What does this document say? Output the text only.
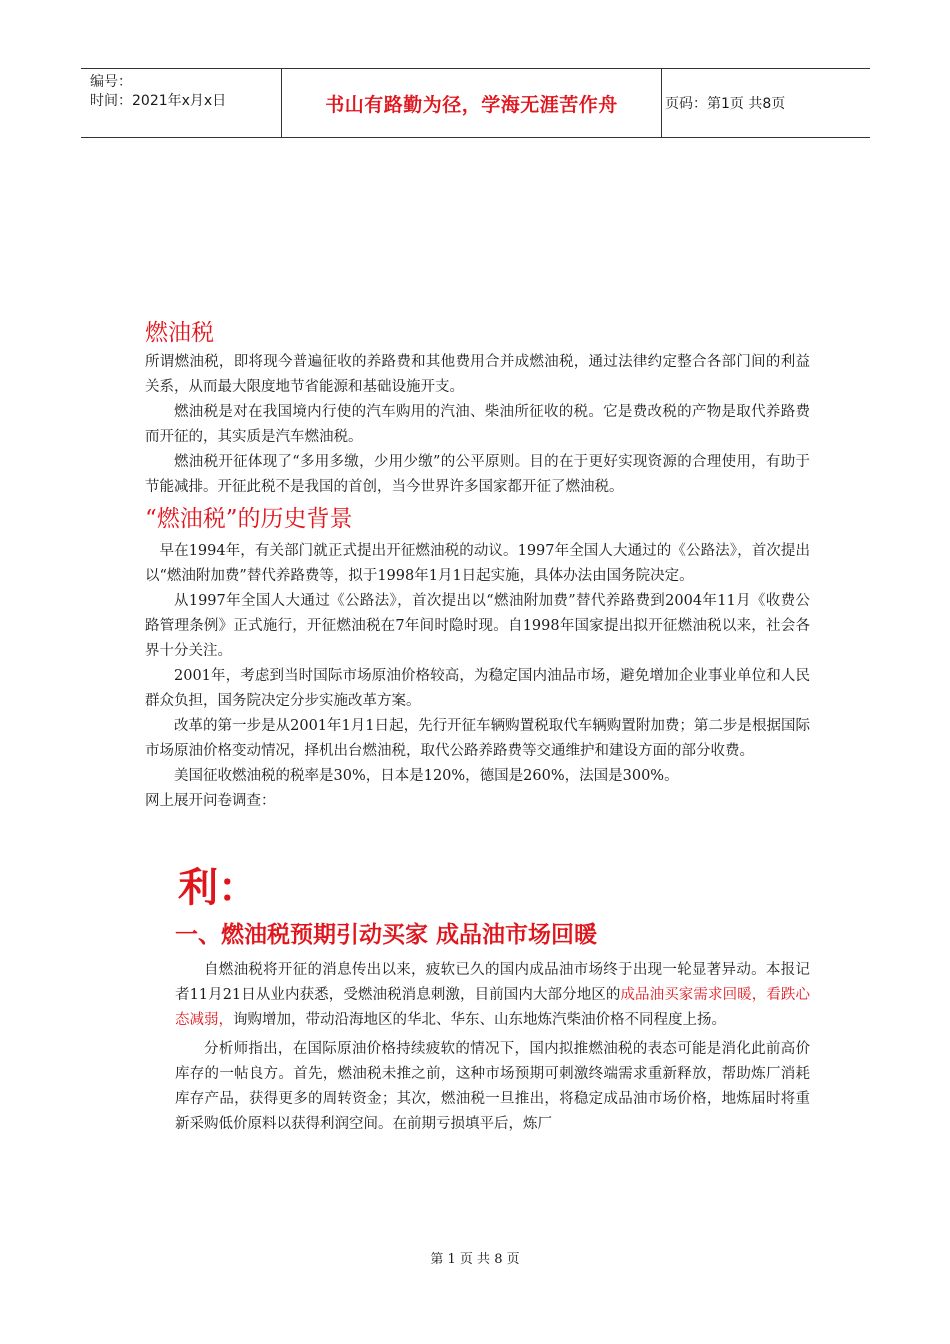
编号：
时间：2021年x月x日	书山有路勤为径，学海无涯苦作舟	页码：第1页 共8页
燃油税

所谓燃油税，即将现今普遍征收的养路费和其他费用合并成燃油税，通过法律约定整合各部门间的利益关系，从而最大限度地节省能源和基础设施开支。

燃油税是对在我国境内行使的汽车购用的汽油、柴油所征收的税。它是费改税的产物是取代养路费而开征的，其实质是汽车燃油税。

燃油税开征体现了“多用多缴，少用少缴”的公平原则。目的在于更好实现资源的合理使用，有助于节能减排。开征此税不是我国的首创，当今世界许多国家都开征了燃油税。

“燃油税”的历史背景

早在1994年，有关部门就正式提出开征燃油税的动议。1997年全国人大通过的《公路法》，首次提出以“燃油附加费”替代养路费等，拟于1998年1月1日起实施，具体办法由国务院决定。

从1997年全国人大通过《公路法》，首次提出以“燃油附加费”替代养路费到2004年11月《收费公路管理条例》正式施行，开征燃油税在7年间时隐时现。自1998年国家提出拟开征燃油税以来，社会各界十分关注。

2001年，考虑到当时国际市场原油价格较高，为稳定国内油品市场，避免增加企业事业单位和人民群众负担，国务院决定分步实施改革方案。

改革的第一步是从2001年1月1日起，先行开征车辆购置税取代车辆购置附加费；第二步是根据国际市场原油价格变动情况，择机出台燃油税，取代公路养路费等交通维护和建设方面的部分收费。

美国征收燃油税的税率是30%，日本是120%，德国是260%，法国是300%。

网上展开问卷调查：

利：
一、燃油税预期引动买家 成品油市场回暖

自燃油税将开征的消息传出以来，疲软已久的国内成品油市场终于出现一轮显著异动。本报记者11月21日从业内获悉，受燃油税消息刺激，目前国内大部分地区的成品油买家需求回暖，看跌心态减弱，询购增加，带动沿海地区的华北、华东、山东地炼汽柴油价格不同程度上扬。

分析师指出，在国际原油价格持续疲软的情况下，国内拟推燃油税的表态可能是消化此前高价库存的一帖良方。首先，燃油税未推之前，这种市场预期可刺激终端需求重新释放，帮助炼厂消耗库存产品，获得更多的周转资金；其次，燃油税一旦推出，将稳定成品油市场价格，地炼届时将重新采购低价原料以获得利润空间。在前期亏损填平后，炼厂

第 1 页 共 8 页
